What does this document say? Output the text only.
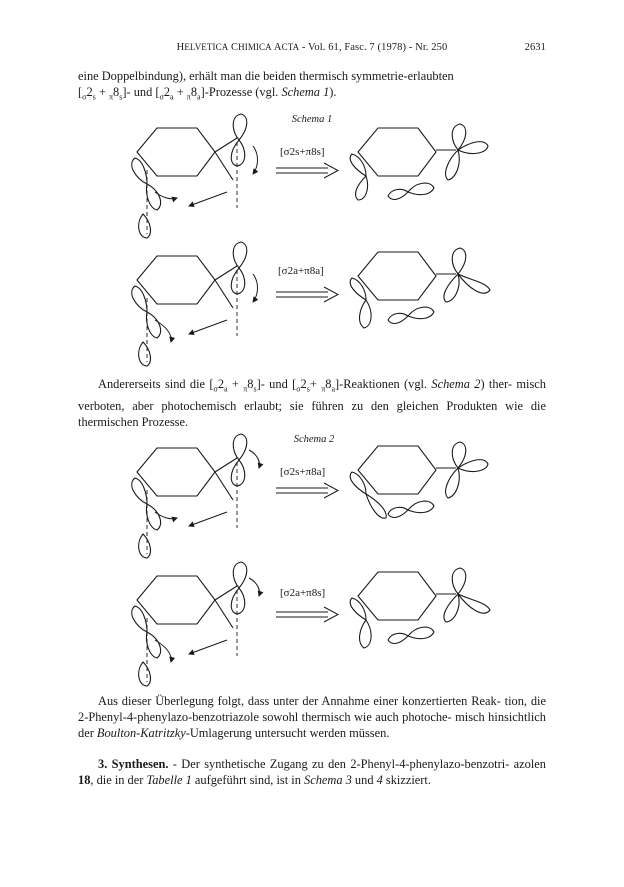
HELVETICA CHIMICA ACTA - Vol. 61, Fasc. 7 (1978) - Nr. 250	2631
eine Doppelbindung), erhält man die beiden thermisch symmetrie-erlaubten
$[_\sigma 2_s + _\pi 8_s]-$ und [$_\sigma 2_a$ + $_\pi 8_a$]-Prozesse (vgl. Schema 1).
Schema 1
[σ2s+π8s]
[σ2a+π8a]
[σ2s+π8a]
[σ2a+π8s]
Andererseits sind die $[_\sigma 2_a + _\pi 8_s]-$ und [$_\sigma 2_s+$ $_\pi 8_a$]-Reaktionen (vgl. Schema 2) ther- misch verboten, aber photochemisch erlaubt; sie führen zu den gleichen Produkten wie die thermischen Prozesse.
Schema 2
Aus dieser Überlegung folgt, dass unter der Annahme einer konzertierten Reak- tion, die 2-Phenyl-4-phenylazo-benzotriazole sowohl thermisch wie auch photoche- misch hinsichtlich der Boulton-Katritzky-Umlagerung untersucht werden müssen.
3. Synthesen. - Der synthetische Zugang zu den 2-Phenyl-4-phenylazo-benzotri- azolen 18, die in der Tabelle 1 aufgeführt sind, ist in Schema 3 und 4 skizziert.
